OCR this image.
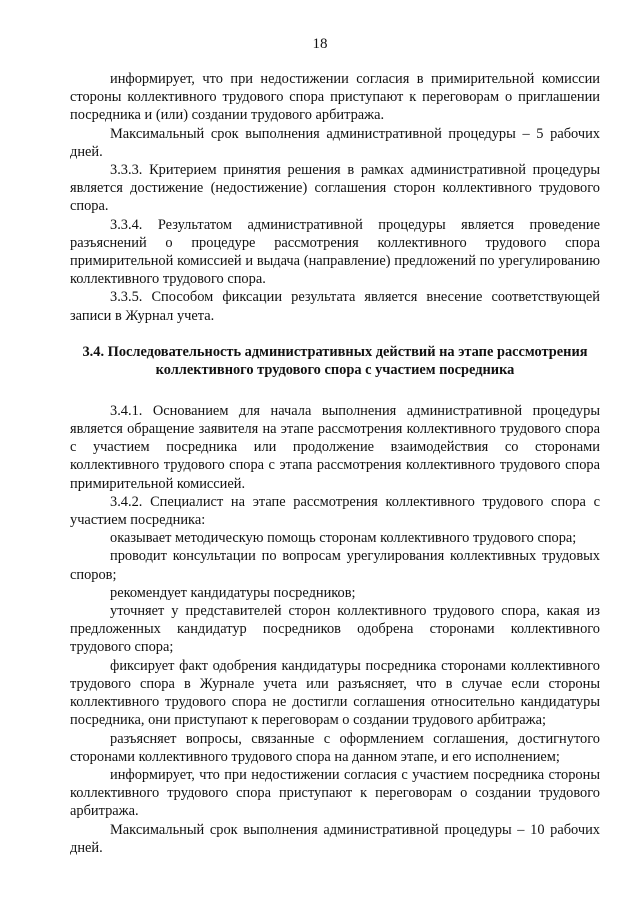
18

информирует, что при недостижении согласия в примирительной комиссии стороны коллективного трудового спора приступают к переговорам о приглашении посредника и (или) создании трудового арбитража.

Максимальный срок выполнения административной процедуры – 5 рабочих дней.

3.3.3. Критерием принятия решения в рамках административной процедуры является достижение (недостижение) соглашения сторон коллективного трудового спора.

3.3.4. Результатом административной процедуры является проведение разъяснений о процедуре рассмотрения коллективного трудового спора примирительной комиссией и выдача (направление) предложений по урегулированию коллективного трудового спора.

3.3.5. Способом фиксации результата является внесение соответствующей записи в Журнал учета.

3.4. Последовательность административных действий на этапе рассмотрения коллективного трудового спора с участием посредника

3.4.1. Основанием для начала выполнения административной процедуры является обращение заявителя на этапе рассмотрения коллективного трудового спора с участием посредника или продолжение взаимодействия со сторонами коллективного трудового спора с этапа рассмотрения коллективного трудового спора примирительной комиссией.

3.4.2. Специалист на этапе рассмотрения коллективного трудового спора с участием посредника:

оказывает методическую помощь сторонам коллективного трудового спора;

проводит консультации по вопросам урегулирования коллективных трудовых споров;

рекомендует кандидатуры посредников;

уточняет у представителей сторон коллективного трудового спора, какая из предложенных кандидатур посредников одобрена сторонами коллективного трудового спора;

фиксирует факт одобрения кандидатуры посредника сторонами коллективного трудового спора в Журнале учета или разъясняет, что в случае если стороны коллективного трудового спора не достигли соглашения относительно кандидатуры посредника, они приступают к переговорам о создании трудового арбитража;

разъясняет вопросы, связанные с оформлением соглашения, достигнутого сторонами коллективного трудового спора на данном этапе, и его исполнением;

информирует, что при недостижении согласия с участием посредника стороны коллективного трудового спора приступают к переговорам о создании трудового арбитража.

Максимальный срок выполнения административной процедуры – 10 рабочих дней.
